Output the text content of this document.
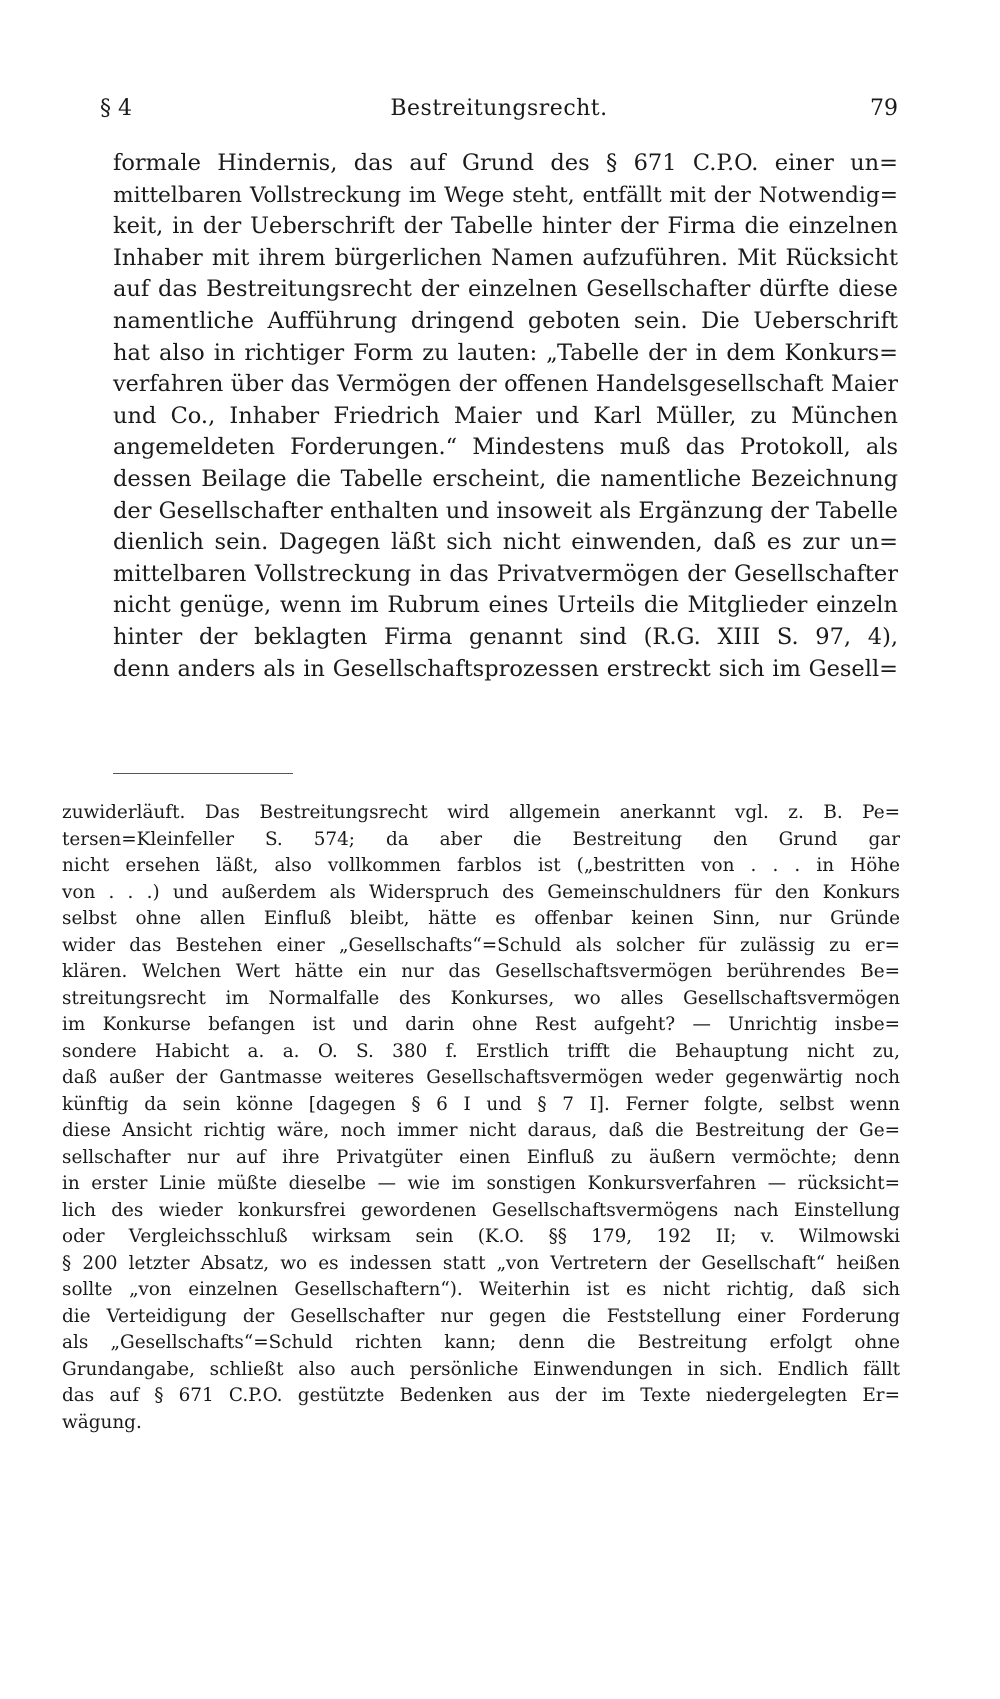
§ 4	Bestreitungsrecht.	79
formale Hindernis, das auf Grund des § 671 C.P.O. einer un=
mittelbaren Vollstreckung im Wege steht, entfällt mit der Notwendig=
keit, in der Ueberschrift der Tabelle hinter der Firma die einzelnen
Inhaber mit ihrem bürgerlichen Namen aufzuführen. Mit Rücksicht
auf das Bestreitungsrecht der einzelnen Gesellschafter dürfte diese
namentliche Aufführung dringend geboten sein. Die Ueberschrift
hat also in richtiger Form zu lauten: „Tabelle der in dem Konkurs=
verfahren über das Vermögen der offenen Handelsgesellschaft Maier
und Co., Inhaber Friedrich Maier und Karl Müller, zu München
angemeldeten Forderungen.“ Mindestens muß das Protokoll, als
dessen Beilage die Tabelle erscheint, die namentliche Bezeichnung
der Gesellschafter enthalten und insoweit als Ergänzung der Tabelle
dienlich sein. Dagegen läßt sich nicht einwenden, daß es zur un=
mittelbaren Vollstreckung in das Privatvermögen der Gesellschafter
nicht genüge, wenn im Rubrum eines Urteils die Mitglieder einzeln
hinter der beklagten Firma genannt sind (R.G. XIII S. 97, 4),
denn anders als in Gesellschaftsprozessen erstreckt sich im Gesell=
zuwiderläuft. Das Bestreitungsrecht wird allgemein anerkannt vgl. z. B. Pe=
tersen=Kleinfeller S. 574; da aber die Bestreitung den Grund gar
nicht ersehen läßt, also vollkommen farblos ist („bestritten von . . . in Höhe
von . . .) und außerdem als Widerspruch des Gemeinschuldners für den Konkurs
selbst ohne allen Einfluß bleibt, hätte es offenbar keinen Sinn, nur Gründe
wider das Bestehen einer „Gesellschafts“=Schuld als solcher für zulässig zu er=
klären. Welchen Wert hätte ein nur das Gesellschaftsvermögen berührendes Be=
streitungsrecht im Normalfalle des Konkurses, wo alles Gesellschaftsvermögen
im Konkurse befangen ist und darin ohne Rest aufgeht? — Unrichtig insbe=
sondere Habicht a. a. O. S. 380 f. Erstlich trifft die Behauptung nicht zu,
daß außer der Gantmasse weiteres Gesellschaftsvermögen weder gegenwärtig noch
künftig da sein könne [dagegen § 6 I und § 7 I]. Ferner folgte, selbst wenn
diese Ansicht richtig wäre, noch immer nicht daraus, daß die Bestreitung der Ge=
sellschafter nur auf ihre Privatgüter einen Einfluß zu äußern vermöchte; denn
in erster Linie müßte dieselbe — wie im sonstigen Konkursverfahren — rücksicht=
lich des wieder konkursfrei gewordenen Gesellschaftsvermögens nach Einstellung
oder Vergleichsschluß wirksam sein (K.O. §§ 179, 192 II; v. Wilmowski
§ 200 letzter Absatz, wo es indessen statt „von Vertretern der Gesellschaft“ heißen
sollte „von einzelnen Gesellschaftern“). Weiterhin ist es nicht richtig, daß sich
die Verteidigung der Gesellschafter nur gegen die Feststellung einer Forderung
als „Gesellschafts“=Schuld richten kann; denn die Bestreitung erfolgt ohne
Grundangabe, schließt also auch persönliche Einwendungen in sich. Endlich fällt
das auf § 671 C.P.O. gestützte Bedenken aus der im Texte niedergelegten Er=
wägung.
